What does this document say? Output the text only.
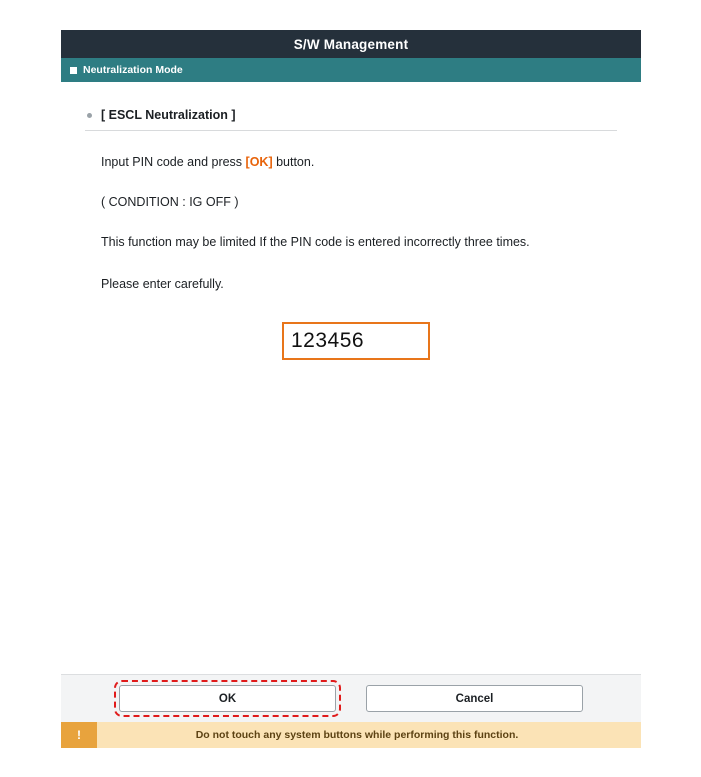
S/W Management
Neutralization Mode
[ ESCL Neutralization ]

Input PIN code and press [OK] button.

( CONDITION : IG OFF )

This function may be limited If the PIN code is entered incorrectly three times.

Please enter carefully.

123456
OK	Cancel
!	Do not touch any system buttons while performing this function.
